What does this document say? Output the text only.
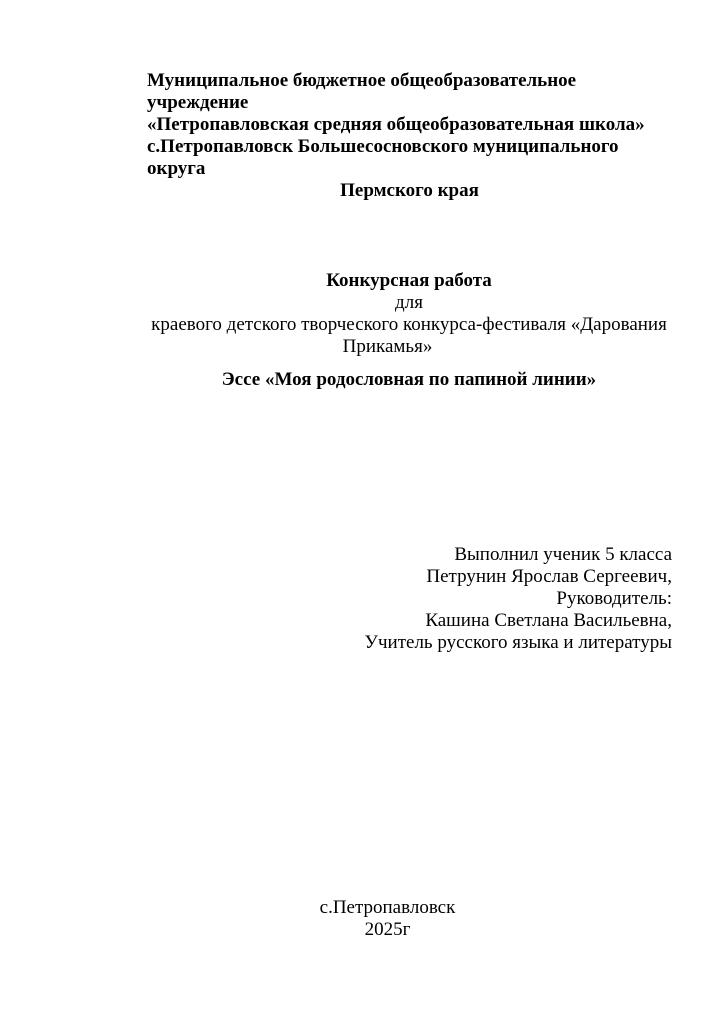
Муниципальное бюджетное общеобразовательное учреждение
«Петропавловская средняя общеобразовательная школа»
с.Петропавловск Большесосновского муниципального округа
Пермского края
Конкурсная работа
для
краевого детского творческого конкурса-фестиваля «Дарования Прикамья»
Эссе «Моя родословная по папиной линии»
Выполнил ученик 5 класса
Петрунин Ярослав Сергеевич,
Руководитель:
Кашина Светлана Васильевна,
Учитель русского языка и литературы
с.Петропавловск
2025г
